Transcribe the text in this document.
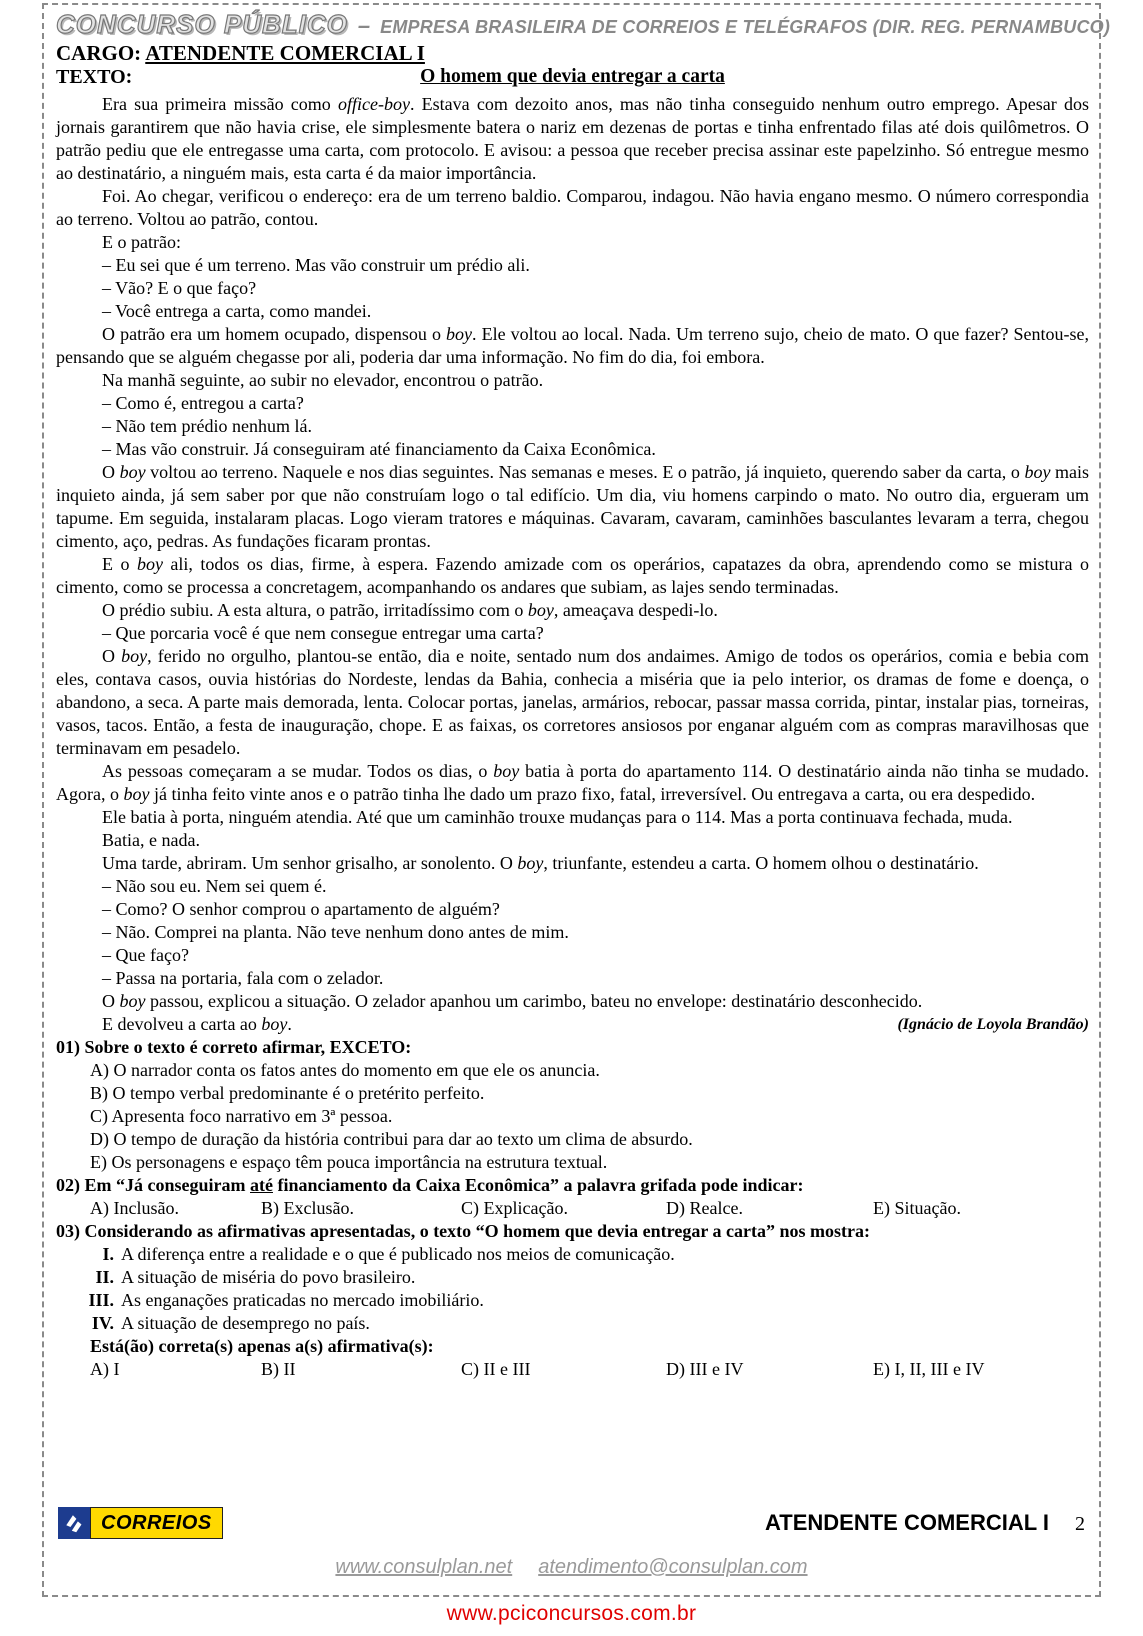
CONCURSO PÚBLICO – EMPRESA BRASILEIRA DE CORREIOS E TELÉGRAFOS (DIR. REG. PERNAMBUCO)
CARGO: ATENDENTE COMERCIAL I
TEXTO:	O homem que devia entregar a carta
Era sua primeira missão como office-boy. Estava com dezoito anos, mas não tinha conseguido nenhum outro emprego. Apesar dos jornais garantirem que não havia crise, ele simplesmente batera o nariz em dezenas de portas e tinha enfrentado filas até dois quilômetros. O patrão pediu que ele entregasse uma carta, com protocolo. E avisou: a pessoa que receber precisa assinar este papelzinho. Só entregue mesmo ao destinatário, a ninguém mais, esta carta é da maior importância.
Foi. Ao chegar, verificou o endereço: era de um terreno baldio. Comparou, indagou. Não havia engano mesmo. O número correspondia ao terreno. Voltou ao patrão, contou.
E o patrão:
– Eu sei que é um terreno. Mas vão construir um prédio ali.
– Vão? E o que faço?
– Você entrega a carta, como mandei.
O patrão era um homem ocupado, dispensou o boy. Ele voltou ao local. Nada. Um terreno sujo, cheio de mato. O que fazer? Sentou-se, pensando que se alguém chegasse por ali, poderia dar uma informação. No fim do dia, foi embora.
Na manhã seguinte, ao subir no elevador, encontrou o patrão.
– Como é, entregou a carta?
– Não tem prédio nenhum lá.
– Mas vão construir. Já conseguiram até financiamento da Caixa Econômica.
O boy voltou ao terreno. Naquele e nos dias seguintes. Nas semanas e meses. E o patrão, já inquieto, querendo saber da carta, o boy mais inquieto ainda, já sem saber por que não construíam logo o tal edifício. Um dia, viu homens carpindo o mato. No outro dia, ergueram um tapume. Em seguida, instalaram placas. Logo vieram tratores e máquinas. Cavaram, cavaram, caminhões basculantes levaram a terra, chegou cimento, aço, pedras. As fundações ficaram prontas.
E o boy ali, todos os dias, firme, à espera. Fazendo amizade com os operários, capatazes da obra, aprendendo como se mistura o cimento, como se processa a concretagem, acompanhando os andares que subiam, as lajes sendo terminadas.
O prédio subiu. A esta altura, o patrão, irritadíssimo com o boy, ameaçava despedi-lo.
– Que porcaria você é que nem consegue entregar uma carta?
O boy, ferido no orgulho, plantou-se então, dia e noite, sentado num dos andaimes. Amigo de todos os operários, comia e bebia com eles, contava casos, ouvia histórias do Nordeste, lendas da Bahia, conhecia a miséria que ia pelo interior, os dramas de fome e doença, o abandono, a seca. A parte mais demorada, lenta. Colocar portas, janelas, armários, rebocar, passar massa corrida, pintar, instalar pias, torneiras, vasos, tacos. Então, a festa de inauguração, chope. E as faixas, os corretores ansiosos por enganar alguém com as compras maravilhosas que terminavam em pesadelo.
As pessoas começaram a se mudar. Todos os dias, o boy batia à porta do apartamento 114. O destinatário ainda não tinha se mudado. Agora, o boy já tinha feito vinte anos e o patrão tinha lhe dado um prazo fixo, fatal, irreversível. Ou entregava a carta, ou era despedido.
Ele batia à porta, ninguém atendia. Até que um caminhão trouxe mudanças para o 114. Mas a porta continuava fechada, muda.
Batia, e nada.
Uma tarde, abriram. Um senhor grisalho, ar sonolento. O boy, triunfante, estendeu a carta. O homem olhou o destinatário.
– Não sou eu. Nem sei quem é.
– Como? O senhor comprou o apartamento de alguém?
– Não. Comprei na planta. Não teve nenhum dono antes de mim.
– Que faço?
– Passa na portaria, fala com o zelador.
O boy passou, explicou a situação. O zelador apanhou um carimbo, bateu no envelope: destinatário desconhecido.
(Ignácio de Loyola Brandão)
E devolveu a carta ao boy.
01) Sobre o texto é correto afirmar, EXCETO:
A) O narrador conta os fatos antes do momento em que ele os anuncia.
B) O tempo verbal predominante é o pretérito perfeito.
C) Apresenta foco narrativo em 3ª pessoa.
D) O tempo de duração da história contribui para dar ao texto um clima de absurdo.
E) Os personagens e espaço têm pouca importância na estrutura textual.
02) Em “Já conseguiram até financiamento da Caixa Econômica” a palavra grifada pode indicar:
A) Inclusão.	B) Exclusão.	C) Explicação.	D) Realce.	E) Situação.
03) Considerando as afirmativas apresentadas, o texto “O homem que devia entregar a carta” nos mostra:
I. A diferença entre a realidade e o que é publicado nos meios de comunicação.
II. A situação de miséria do povo brasileiro.
III. As enganações praticadas no mercado imobiliário.
IV. A situação de desemprego no país.
Está(ão) correta(s) apenas a(s) afirmativa(s):
A) I	B) II	C) II e III	D) III e IV	E) I, II, III e IV
CORREIOS	ATENDENTE COMERCIAL I 2
www.consulplan.net atendimento@consulplan.com
www.pciconcursos.com.br
